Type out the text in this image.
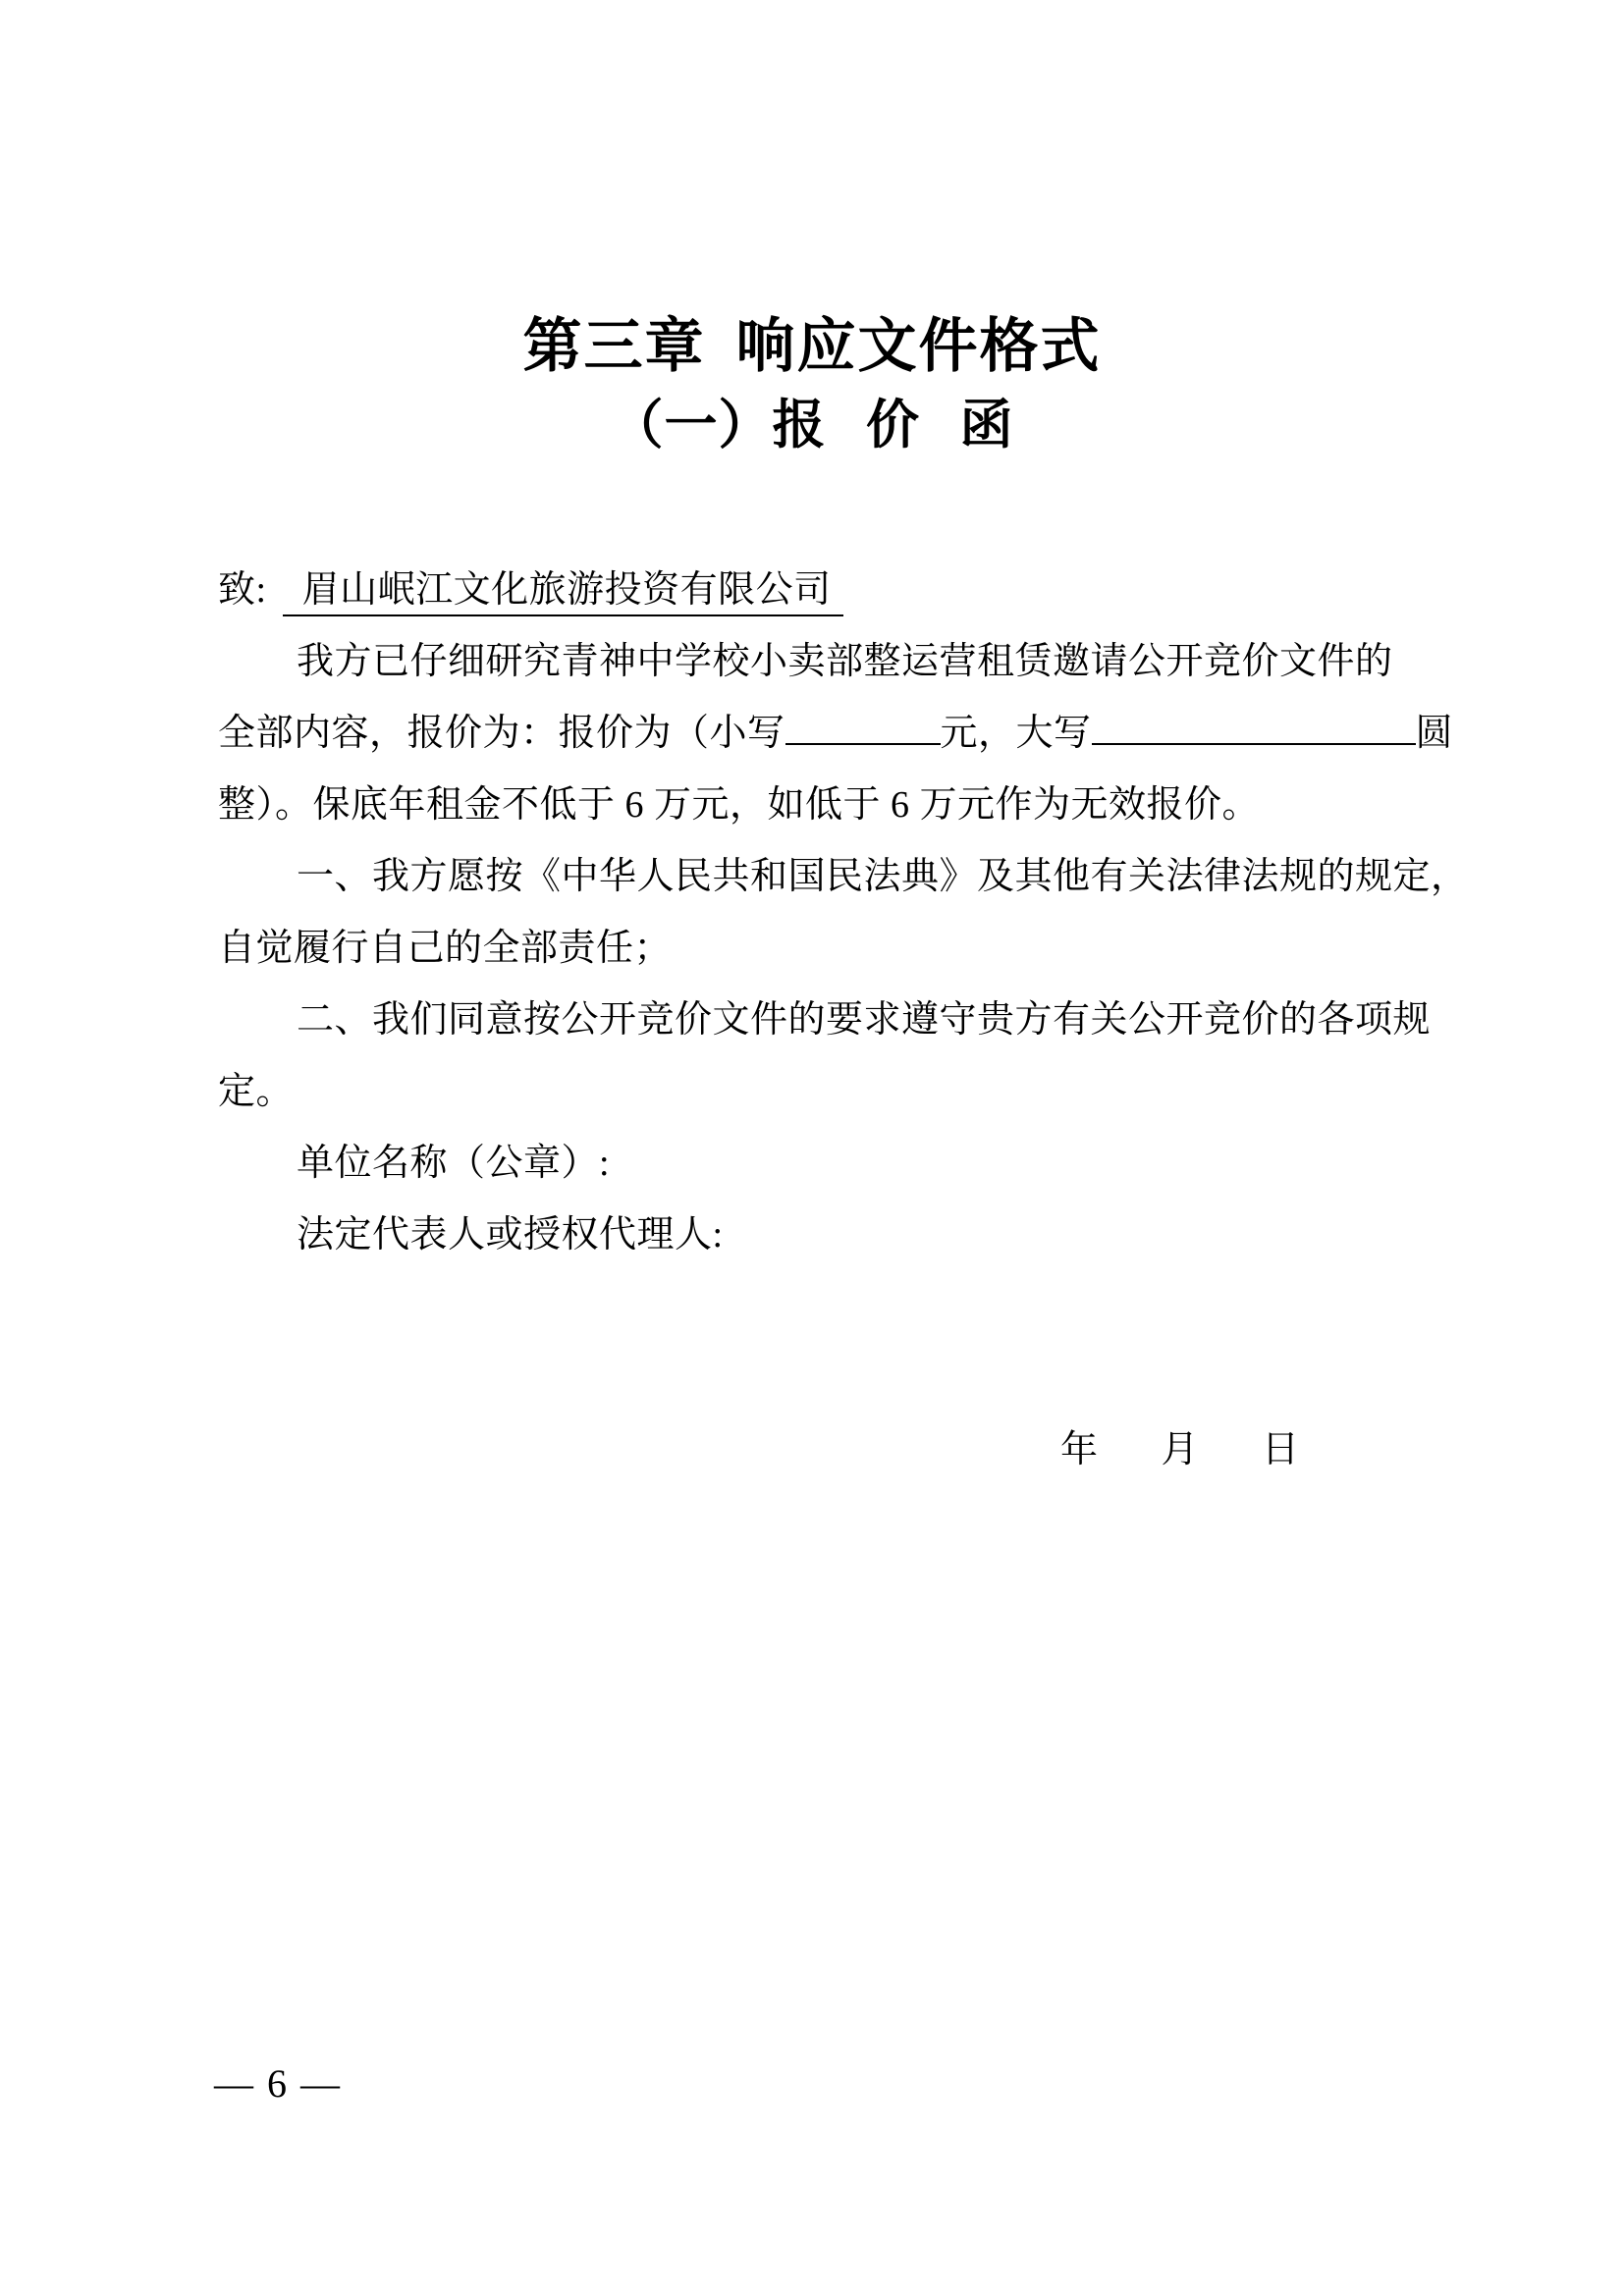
第三章 响应文件格式
（一）报 价 函
致: 眉山岷江文化旅游投资有限公司
我方已仔细研究青神中学校小卖部整运营租赁邀请公开竞价文件的
全部内容，报价为：报价为（小写	元，大写	圆
整）。保底年租金不低于 6 万元，如低于 6 万元作为无效报价。
一、我方愿按《中华人民共和国民法典》及其他有关法律法规的规定，
自觉履行自己的全部责任；
二、我们同意按公开竞价文件的要求遵守贵方有关公开竞价的各项规
定。
单位名称（公章）:
法定代表人或授权代理人:
年 月 日
— 6 —
